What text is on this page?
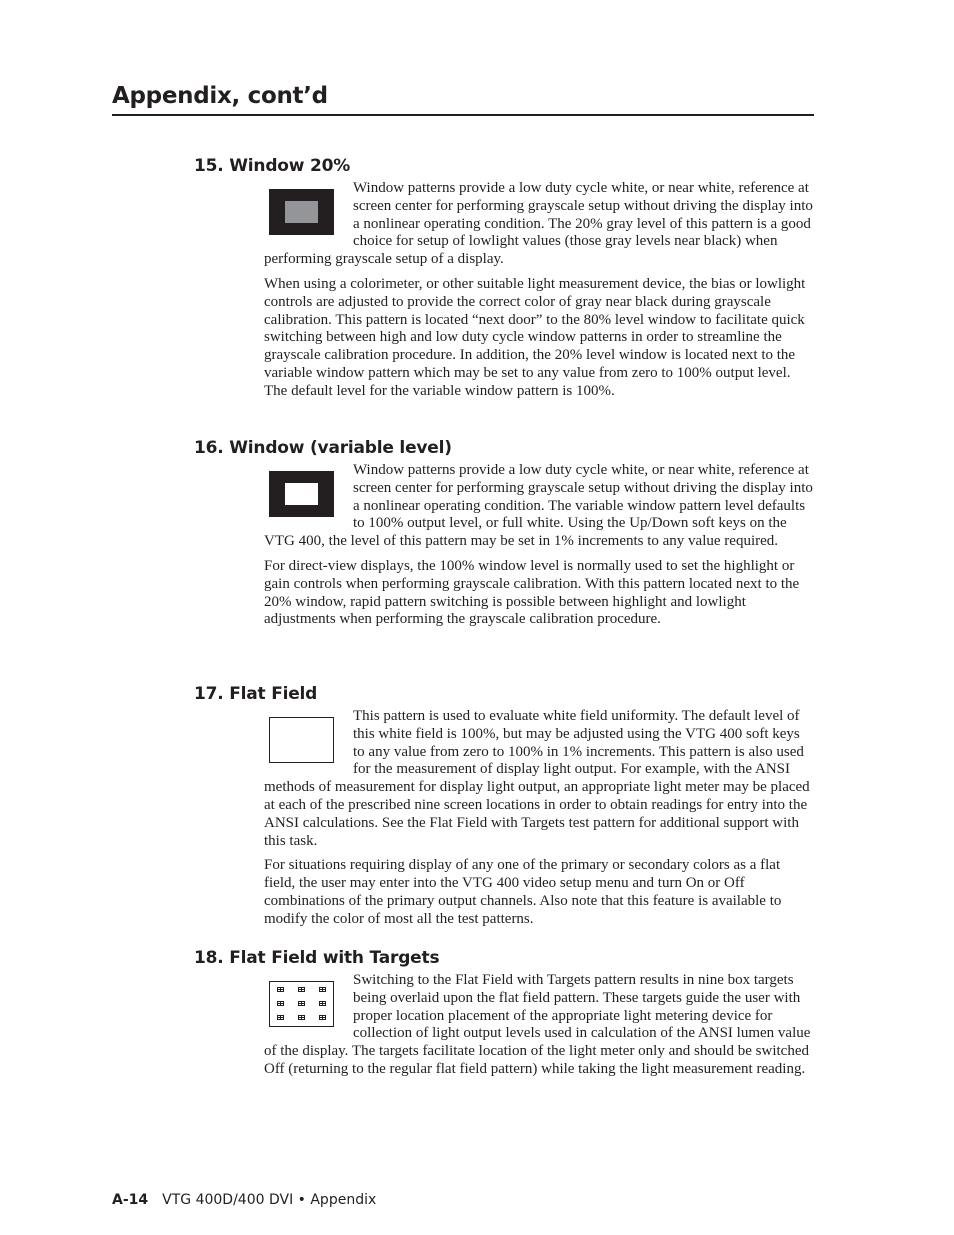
Appendix, cont’d
15. Window 20%

Window patterns provide a low duty cycle white, or near white, reference at screen center for performing grayscale setup without driving the display into a nonlinear operating condition. The 20% gray level of this pattern is a good choice for setup of lowlight values (those gray levels near black) when performing grayscale setup of a display.

When using a colorimeter, or other suitable light measurement device, the bias or lowlight controls are adjusted to provide the correct color of gray near black during grayscale calibration. This pattern is located “next door” to the 80% level window to facilitate quick switching between high and low duty cycle window patterns in order to streamline the grayscale calibration procedure. In addition, the 20% level window is located next to the variable window pattern which may be set to any value from zero to 100% output level. The default level for the variable window pattern is 100%.

16. Window (variable level)

Window patterns provide a low duty cycle white, or near white, reference at screen center for performing grayscale setup without driving the display into a nonlinear operating condition. The variable window pattern level defaults to 100% output level, or full white. Using the Up/Down soft keys on the VTG 400, the level of this pattern may be set in 1% increments to any value required.

For direct-view displays, the 100% window level is normally used to set the highlight or gain controls when performing grayscale calibration. With this pattern located next to the 20% window, rapid pattern switching is possible between highlight and lowlight adjustments when performing the grayscale calibration procedure.

17. Flat Field

This pattern is used to evaluate white field uniformity. The default level of this white field is 100%, but may be adjusted using the VTG 400 soft keys to any value from zero to 100% in 1% increments. This pattern is also used for the measurement of display light output. For example, with the ANSI methods of measurement for display light output, an appropriate light meter may be placed at each of the prescribed nine screen locations in order to obtain readings for entry into the ANSI calculations. See the Flat Field with Targets test pattern for additional support with this task.

For situations requiring display of any one of the primary or secondary colors as a flat field, the user may enter into the VTG 400 video setup menu and turn On or Off combinations of the primary output channels. Also note that this feature is available to modify the color of most all the test patterns.

18. Flat Field with Targets

Switching to the Flat Field with Targets pattern results in nine box targets being overlaid upon the flat field pattern. These targets guide the user with proper location placement of the appropriate light metering device for collection of light output levels used in calculation of the ANSI lumen value of the display. The targets facilitate location of the light meter only and should be switched Off (returning to the regular flat field pattern) while taking the light measurement reading.

A-14 VTG 400D/400 DVI • Appendix
